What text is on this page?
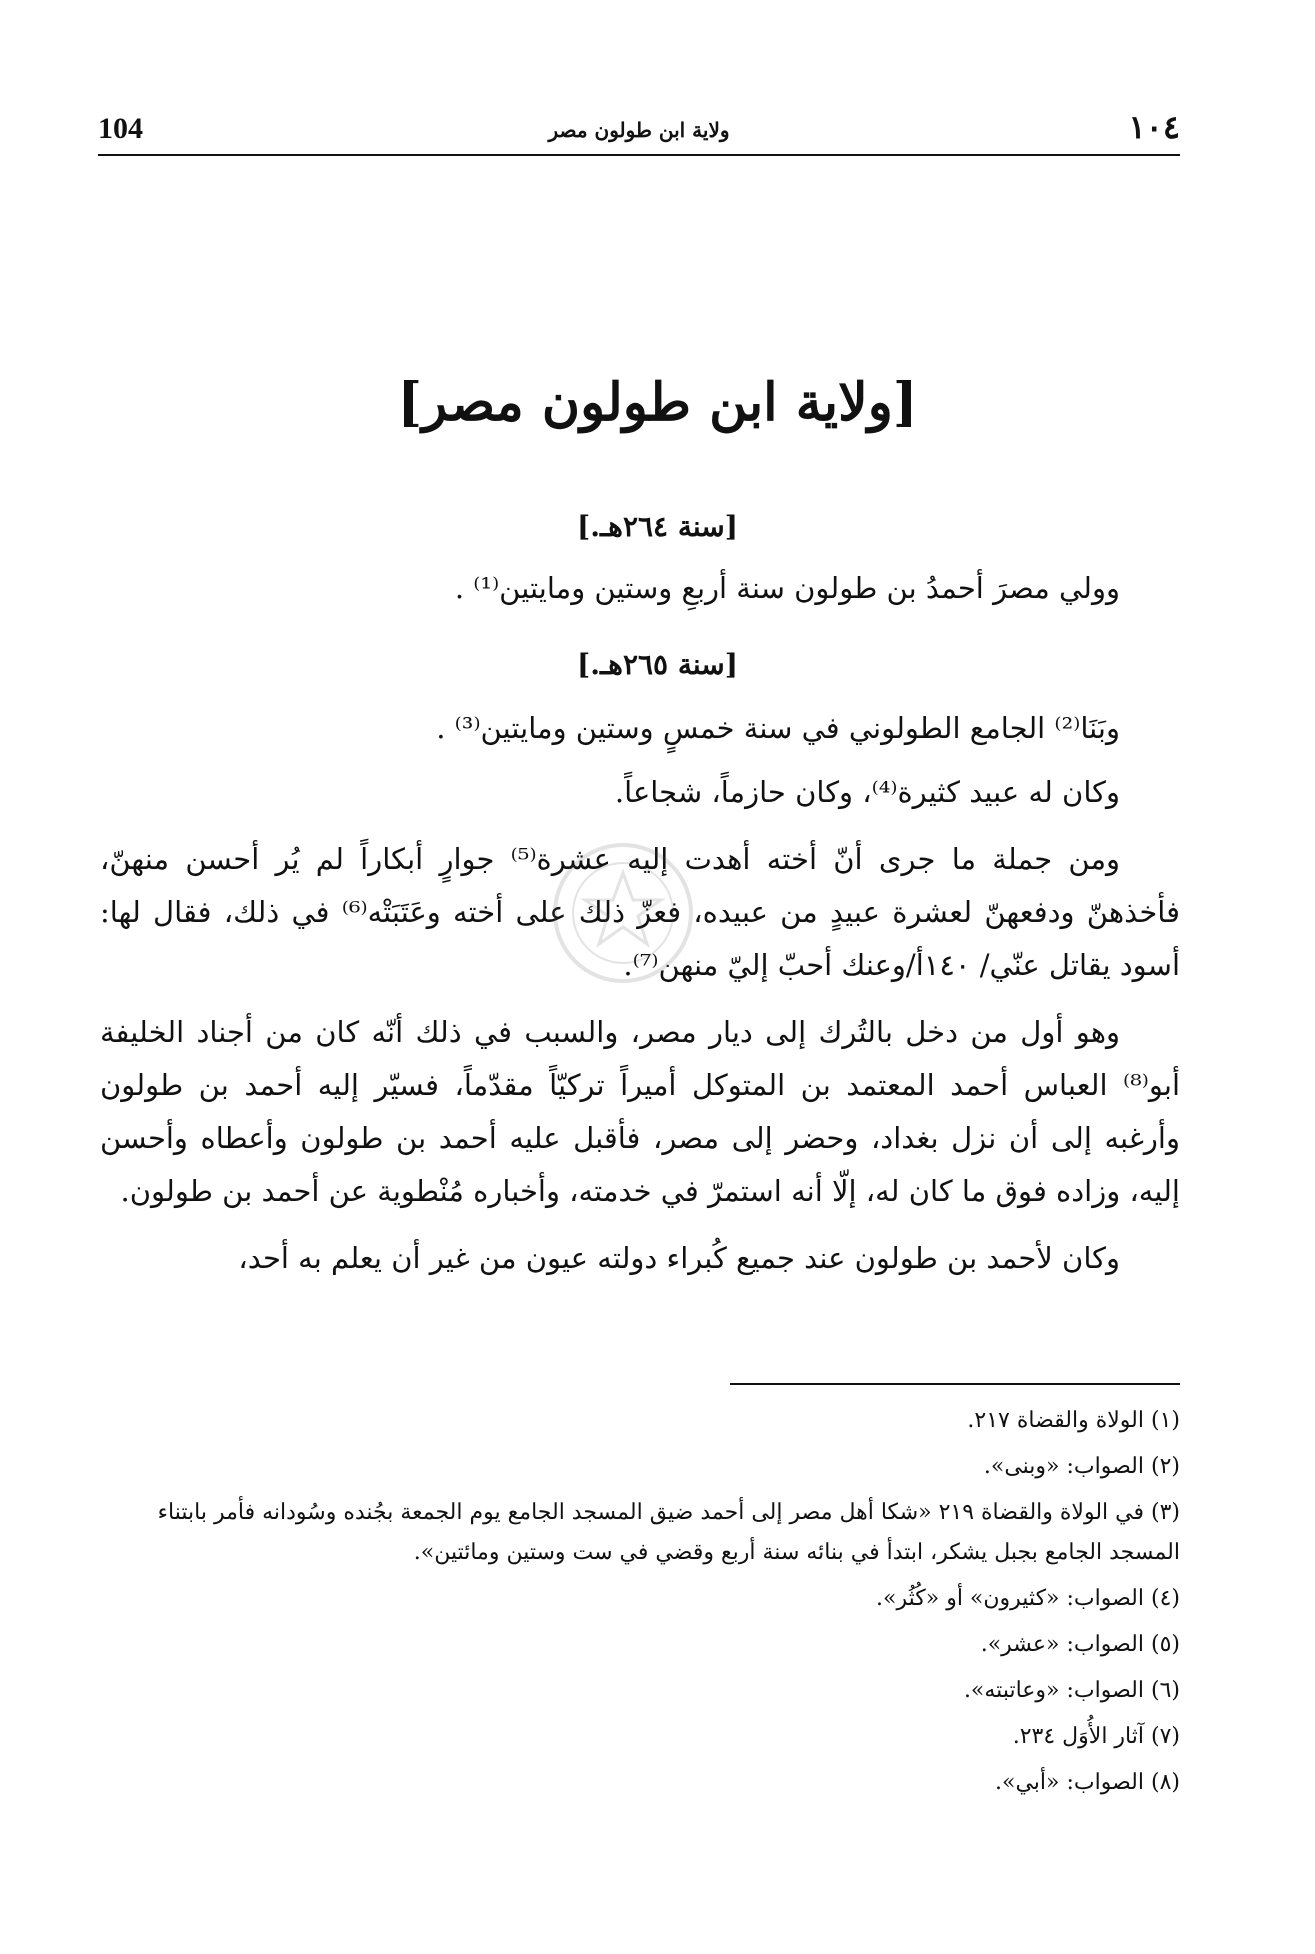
104	ولاية ابن طولون مصر	١٠٤
[ولاية ابن طولون مصر]
[سنة ٢٦٤هـ.]

وولي مصرَ أحمدُ بن طولون سنة أربعِ وستين ومايتين⁽¹⁾ .

[سنة ٢٦٥هـ.]

وبَنَا⁽²⁾ الجامع الطولوني في سنة خمسٍ وستين ومايتين⁽³⁾ .

وكان له عبيد كثيرة⁽⁴⁾، وكان حازماً، شجاعاً.

ومن جملة ما جرى أنّ أخته أهدت إليه عشرة⁽⁵⁾ جوارٍ أبكاراً لم يُر أحسن منهنّ، فأخذهنّ ودفعهنّ لعشرة عبيدٍ من عبيده، فعزّ ذلك على أخته وعَتَبَتْه⁽⁶⁾ في ذلك، فقال لها: أسود يقاتل عنّي/ ١٤٠أ/وعنك أحبّ إليّ منهن⁽⁷⁾.

وهو أول من دخل بالتُرك إلى ديار مصر، والسبب في ذلك أنّه كان من أجناد الخليفة أبو⁽⁸⁾ العباس أحمد المعتمد بن المتوكل أميراً تركيّاً مقدّماً، فسيّر إليه أحمد بن طولون وأرغبه إلى أن نزل بغداد، وحضر إلى مصر، فأقبل عليه أحمد بن طولون وأعطاه وأحسن إليه، وزاده فوق ما كان له، إلّا أنه استمرّ في خدمته، وأخباره مُنْطوية عن أحمد بن طولون.

وكان لأحمد بن طولون عند جميع كُبراء دولته عيون من غير أن يعلم به أحد،

(١) الولاة والقضاة ٢١٧.

(٢) الصواب: «وبنى».

(٣) في الولاة والقضاة ٢١٩ «شكا أهل مصر إلى أحمد ضيق المسجد الجامع يوم الجمعة بجُنده وسُودانه فأمر بابتناء المسجد الجامع بجبل يشكر، ابتدأ في بنائه سنة أربع وقضي في ست وستين ومائتين».

(٤) الصواب: «كثيرون» أو «كُثُر».

(٥) الصواب: «عشر».

(٦) الصواب: «وعاتبته».

(٧) آثار الأُوَل ٢٣٤.

(٨) الصواب: «أبي».
